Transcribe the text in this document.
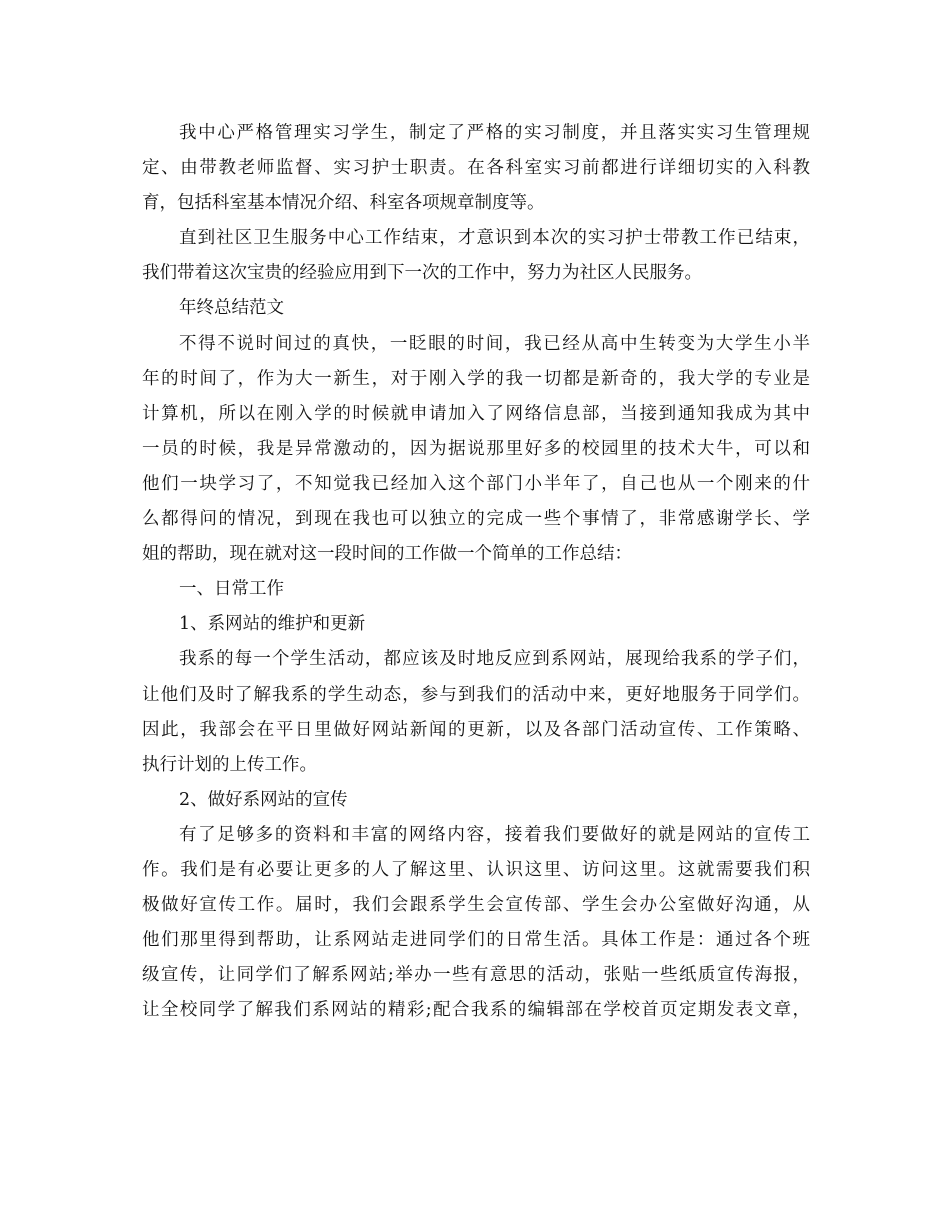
我中心严格管理实习学生，制定了严格的实习制度，并且落实实习生管理规
定、由带教老师监督、实习护士职责。在各科室实习前都进行详细切实的入科教
育，包括科室基本情况介绍、科室各项规章制度等。
直到社区卫生服务中心工作结束，才意识到本次的实习护士带教工作已结束，
我们带着这次宝贵的经验应用到下一次的工作中，努力为社区人民服务。
年终总结范文
不得不说时间过的真快，一眨眼的时间，我已经从高中生转变为大学生小半
年的时间了，作为大一新生，对于刚入学的我一切都是新奇的，我大学的专业是
计算机，所以在刚入学的时候就申请加入了网络信息部，当接到通知我成为其中
一员的时候，我是异常激动的，因为据说那里好多的校园里的技术大牛，可以和
他们一块学习了，不知觉我已经加入这个部门小半年了，自己也从一个刚来的什
么都得问的情况，到现在我也可以独立的完成一些个事情了，非常感谢学长、学
姐的帮助，现在就对这一段时间的工作做一个简单的工作总结：
一、日常工作
1、系网站的维护和更新
我系的每一个学生活动，都应该及时地反应到系网站，展现给我系的学子们，
让他们及时了解我系的学生动态，参与到我们的活动中来，更好地服务于同学们。
因此，我部会在平日里做好网站新闻的更新，以及各部门活动宣传、工作策略、
执行计划的上传工作。
2、做好系网站的宣传
有了足够多的资料和丰富的网络内容，接着我们要做好的就是网站的宣传工
作。我们是有必要让更多的人了解这里、认识这里、访问这里。这就需要我们积
极做好宣传工作。届时，我们会跟系学生会宣传部、学生会办公室做好沟通，从
他们那里得到帮助，让系网站走进同学们的日常生活。具体工作是：通过各个班
级宣传，让同学们了解系网站;举办一些有意思的活动，张贴一些纸质宣传海报，
让全校同学了解我们系网站的精彩;配合我系的编辑部在学校首页定期发表文章，
